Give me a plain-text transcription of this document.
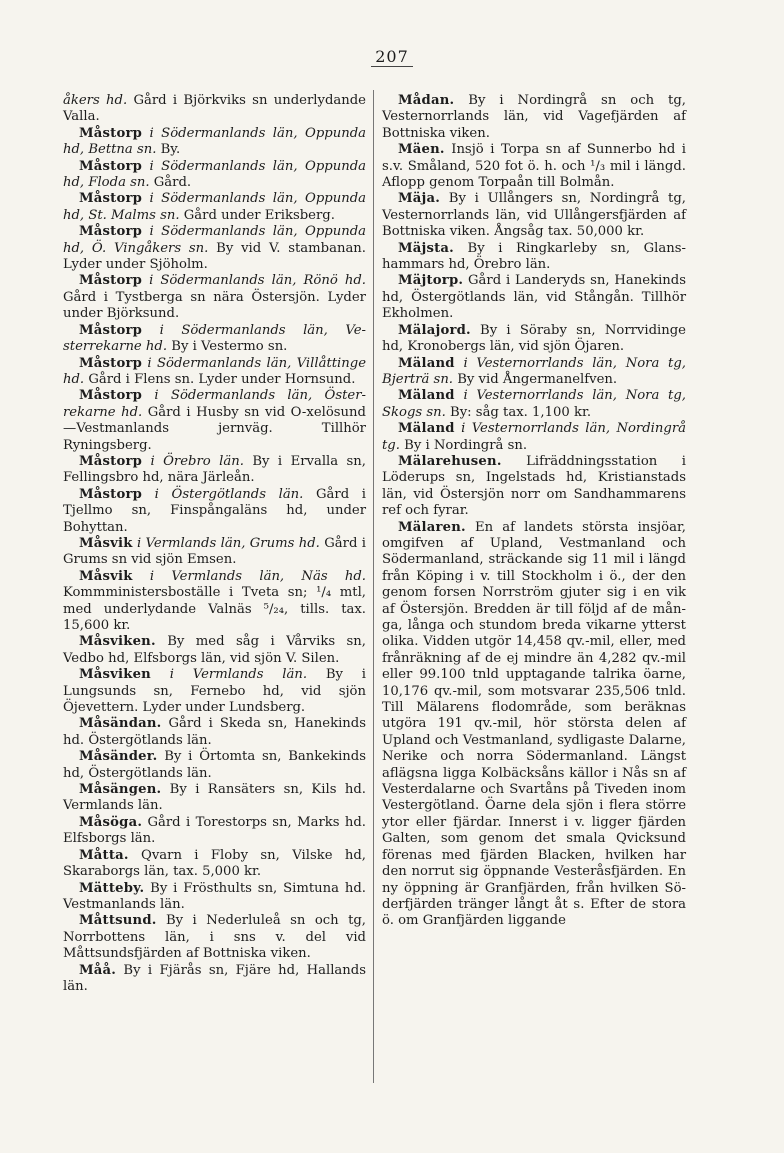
207

åkers hd. Gård i Björkviks sn underlydande Valla.

Måstorp i Södermanlands län, Oppunda hd, Bettna sn. By.

Måstorp i Södermanlands län, Oppunda hd, Floda sn. Gård.

Måstorp i Södermanlands län, Oppunda hd, St. Malms sn. Gård under Eriksberg.

Måstorp i Södermanlands län, Oppunda hd, Ö. Vingåkers sn. By vid V. stambanan. Lyder under Sjöholm.

Måstorp i Södermanlands län, Rönö hd. Gård i Tystberga sn nära Östersjön. Lyder under Björksund.

Måstorp i Södermanlands län, Vesterrekarne hd. By i Vestermo sn.

Måstorp i Södermanlands län, Villåttinge hd. Gård i Flens sn. Lyder under Hornsund.

Måstorp i Södermanlands län, Österrekarne hd. Gård i Husby sn vid O-xelösund—Vestmanlands jernväg. Tillhör Ryningsberg.

Måstorp i Örebro län. By i Ervalla sn, Fellingsbro hd, nära Järleån.

Måstorp i Östergötlands län. Gård i Tjellmo sn, Finspångaläns hd, under Bohyttan.

Måsvik i Vermlands län, Grums hd. Gård i Grums sn vid sjön Emsen.

Måsvik i Vermlands län, Näs hd. Kommministersboställe i Tveta sn; ¹/₄ mtl, med underlydande Valnäs ⁵/₂₄, tills. tax. 15,600 kr.

Måsviken. By med såg i Vårviks sn, Vedbo hd, Elfsborgs län, vid sjön V. Silen.

Måsviken i Vermlands län. By i Lungsunds sn, Fernebo hd, vid sjön Öjevettern. Lyder under Lundsberg.

Måsändan. Gård i Skeda sn, Hanekinds hd. Östergötlands län.

Måsänder. By i Örtomta sn, Bankekinds hd, Östergötlands län.

Måsängen. By i Ransäters sn, Kils hd. Vermlands län.

Måsöga. Gård i Torestorps sn, Marks hd. Elfsborgs län.

Måtta. Qvarn i Floby sn, Vilske hd, Skaraborgs län, tax. 5,000 kr.

Mätteby. By i Frösthults sn, Simtuna hd. Vestmanlands län.

Måttsund. By i Nederluleå sn och tg, Norrbottens län, i sns v. del vid Måttsundsfjärden af Bottniska viken.

Måå. By i Fjärås sn, Fjäre hd, Hallands län.

Mådan. By i Nordingrå sn och tg, Vesternorrlands län, vid Vagefjärden af Bottniska viken.

Mäen. Insjö i Torpa sn af Sunnerbo hd i s.v. Småland, 520 fot ö. h. och ¹/₃ mil i längd. Aflopp genom Torpaån till Bolmån.

Mäja. By i Ullångers sn, Nordingrå tg, Vesternorrlands län, vid Ullångersfjärden af Bottniska viken. Ångsåg tax. 50,000 kr.

Mäjsta. By i Ringkarleby sn, Glanshammars hd, Örebro län.

Mäjtorp. Gård i Landeryds sn, Hanekinds hd, Östergötlands län, vid Stångån. Tillhör Ekholmen.

Mälajord. By i Söraby sn, Norrvidinge hd, Kronobergs län, vid sjön Öjaren.

Mäland i Vesternorrlands län, Nora tg, Bjerträ sn. By vid Ångermanelfven.

Mäland i Vesternorrlands län, Nora tg, Skogs sn. By: såg tax. 1,100 kr.

Mäland i Vesternorrlands län, Nordingrå tg. By i Nordingrå sn.

Mälarehusen. Lifräddningsstation i Löderups sn, Ingelstads hd, Kristianstads län, vid Östersjön norr om Sandhammarens ref och fyrar.

Mälaren. En af landets största insjöar, omgifven af Upland, Vestmanland och Södermanland, sträckande sig 11 mil i längd från Köping i v. till Stockholm i ö., der den genom forsen Norrström gjuter sig i en vik af Östersjön. Bredden är till följd af de många, långa och stundom breda vikarne ytterst olika. Vidden utgör 14,458 qv.-mil, eller, med frånräkning af de ej mindre än 4,282 qv.-mil eller 99.100 tnld upptagande talrika öarne, 10,176 qv.-mil, som motsvarar 235,506 tnld. Till Mälarens flodområde, som beräknas utgöra 191 qv.-mil, hör största delen af Upland och Vestmanland, sydligaste Dalarne, Nerike och norra Södermanland. Längst aflägsna ligga Kolbäcksåns källor i Nås sn af Vesterdalarne och Svartåns på Tiveden inom Vestergötland. Öarne dela sjön i flera större ytor eller fjärdar. Innerst i v. ligger fjärden Galten, som genom det smala Qvicksund förenas med fjärden Blacken, hvilken har den norrut sig öppnande Vesteråsfjärden. En ny öppning är Granfjärden, från hvilken Söderfjärden tränger långt åt s. Efter de stora ö. om Granfjärden liggande
